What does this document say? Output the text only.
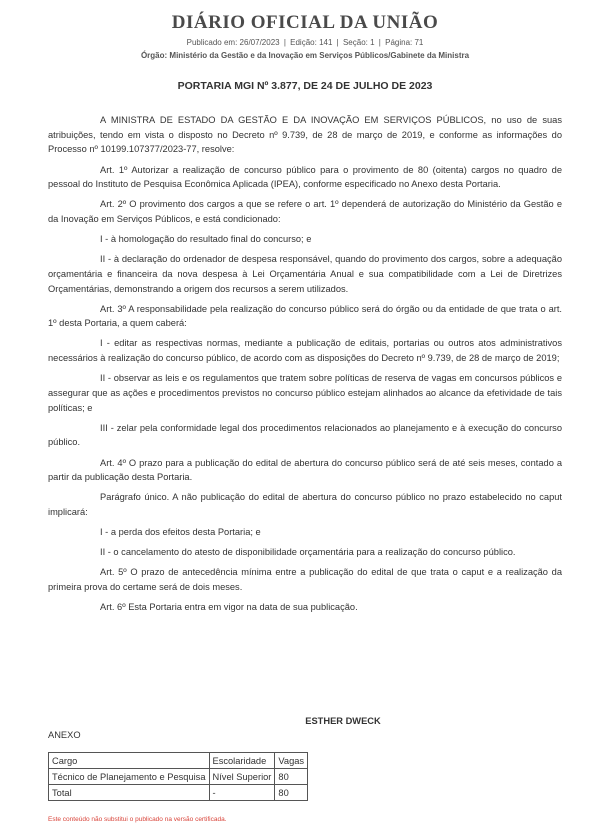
DIÁRIO OFICIAL DA UNIÃO
Publicado em: 26/07/2023 | Edição: 141 | Seção: 1 | Página: 71
Órgão: Ministério da Gestão e da Inovação em Serviços Públicos/Gabinete da Ministra
PORTARIA MGI Nº 3.877, DE 24 DE JULHO DE 2023

A MINISTRA DE ESTADO DA GESTÃO E DA INOVAÇÃO EM SERVIÇOS PÚBLICOS, no uso de suas atribuições, tendo em vista o disposto no Decreto nº 9.739, de 28 de março de 2019, e conforme as informações do Processo nº 10199.107377/2023-77, resolve:

Art. 1º Autorizar a realização de concurso público para o provimento de 80 (oitenta) cargos no quadro de pessoal do Instituto de Pesquisa Econômica Aplicada (IPEA), conforme especificado no Anexo desta Portaria.

Art. 2º O provimento dos cargos a que se refere o art. 1º dependerá de autorização do Ministério da Gestão e da Inovação em Serviços Públicos, e está condicionado:

I - à homologação do resultado final do concurso; e

II - à declaração do ordenador de despesa responsável, quando do provimento dos cargos, sobre a adequação orçamentária e financeira da nova despesa à Lei Orçamentária Anual e sua compatibilidade com a Lei de Diretrizes Orçamentárias, demonstrando a origem dos recursos a serem utilizados.

Art. 3º A responsabilidade pela realização do concurso público será do órgão ou da entidade de que trata o art. 1º desta Portaria, a quem caberá:

I - editar as respectivas normas, mediante a publicação de editais, portarias ou outros atos administrativos necessários à realização do concurso público, de acordo com as disposições do Decreto nº 9.739, de 28 de março de 2019;

II - observar as leis e os regulamentos que tratem sobre políticas de reserva de vagas em concursos públicos e assegurar que as ações e procedimentos previstos no concurso público estejam alinhados ao alcance da efetividade de tais políticas; e

III - zelar pela conformidade legal dos procedimentos relacionados ao planejamento e à execução do concurso público.

Art. 4º O prazo para a publicação do edital de abertura do concurso público será de até seis meses, contado a partir da publicação desta Portaria.

Parágrafo único. A não publicação do edital de abertura do concurso público no prazo estabelecido no caput implicará:

I - a perda dos efeitos desta Portaria; e

II - o cancelamento do atesto de disponibilidade orçamentária para a realização do concurso público.

Art. 5º O prazo de antecedência mínima entre a publicação do edital de que trata o caput e a realização da primeira prova do certame será de dois meses.

Art. 6º Esta Portaria entra em vigor na data de sua publicação.

ESTHER DWECK
ANEXO
Cargo	Escolaridade	Vagas
Técnico de Planejamento e Pesquisa	Nível Superior	80
Total	-	80
Este conteúdo não substitui o publicado na versão certificada.
